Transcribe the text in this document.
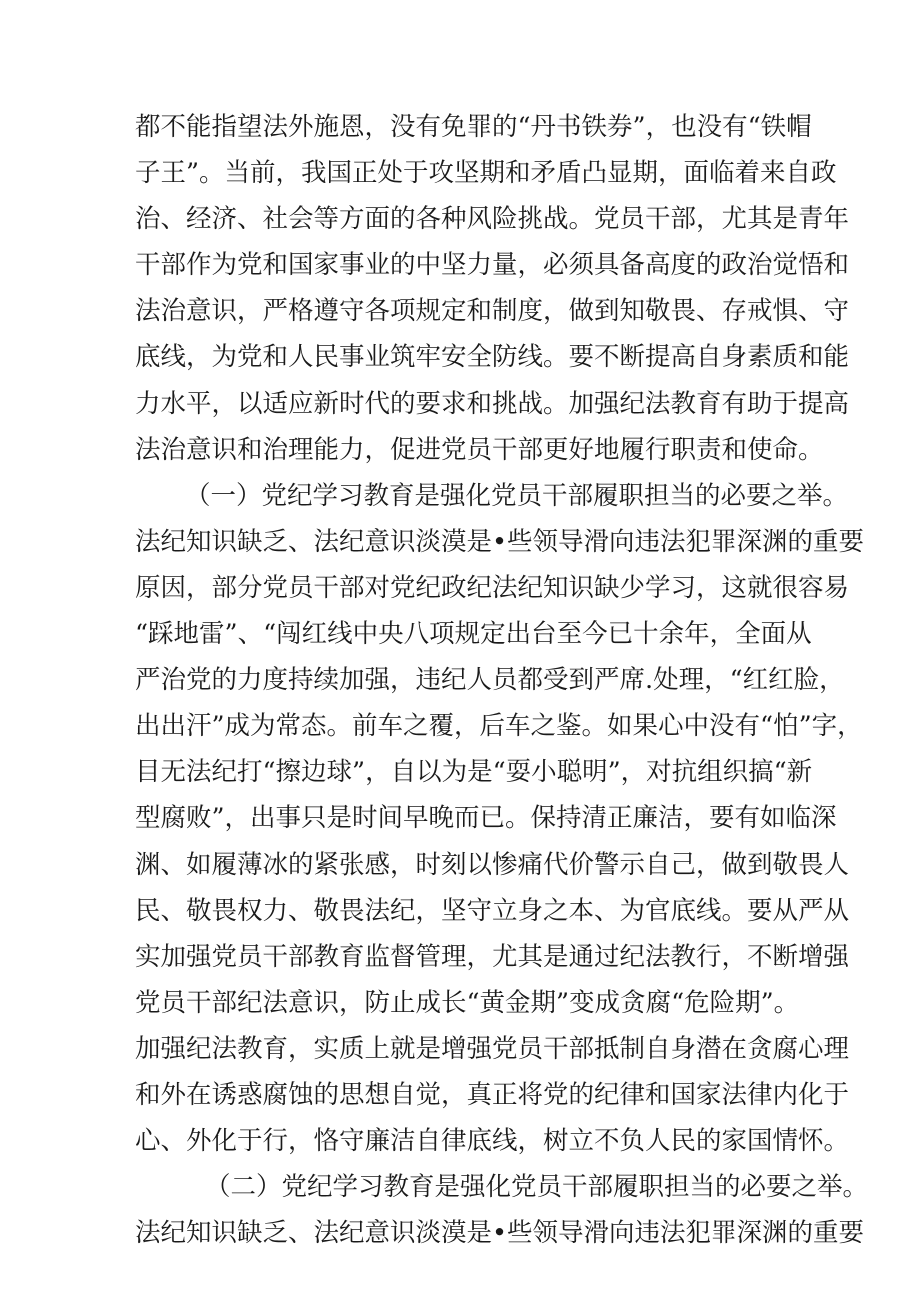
都不能指望法外施恩，没有免罪的“丹书铁券”，也没有“铁帽
子王”。当前，我国正处于攻坚期和矛盾凸显期，面临着来自政
治、经济、社会等方面的各种风险挑战。党员干部，尤其是青年
干部作为党和国家事业的中坚力量，必须具备高度的政治觉悟和
法治意识，严格遵守各项规定和制度，做到知敬畏、存戒惧、守
底线，为党和人民事业筑牢安全防线。要不断提高自身素质和能
力水平，以适应新时代的要求和挑战。加强纪法教育有助于提高
法治意识和治理能力，促进党员干部更好地履行职责和使命。
（一）党纪学习教育是强化党员干部履职担当的必要之举。
法纪知识缺乏、法纪意识淡漠是•些领导滑向违法犯罪深渊的重要
原因，部分党员干部对党纪政纪法纪知识缺少学习，这就很容易
“踩地雷”、“闯红线中央八项规定出台至今已十余年，全面从
严治党的力度持续加强，违纪人员都受到严席.处理，“红红脸，
出出汗”成为常态。前车之覆，后车之鉴。如果心中没有“怕”字，
目无法纪打“擦边球”，自以为是“耍小聪明”，对抗组织搞“新
型腐败”，出事只是时间早晚而已。保持清正廉洁，要有如临深
渊、如履薄冰的紧张感，时刻以惨痛代价警示自己，做到敬畏人
民、敬畏权力、敬畏法纪，坚守立身之本、为官底线。要从严从
实加强党员干部教育监督管理，尤其是通过纪法教行，不断增强
党员干部纪法意识，防止成长“黄金期”变成贪腐“危险期”。
加强纪法教育，实质上就是增强党员干部抵制自身潜在贪腐心理
和外在诱惑腐蚀的思想自觉，真正将党的纪律和国家法律内化于
心、外化于行，恪守廉洁自律底线，树立不负人民的家国情怀。
（二）党纪学习教育是强化党员干部履职担当的必要之举。
法纪知识缺乏、法纪意识淡漠是•些领导滑向违法犯罪深渊的重要
